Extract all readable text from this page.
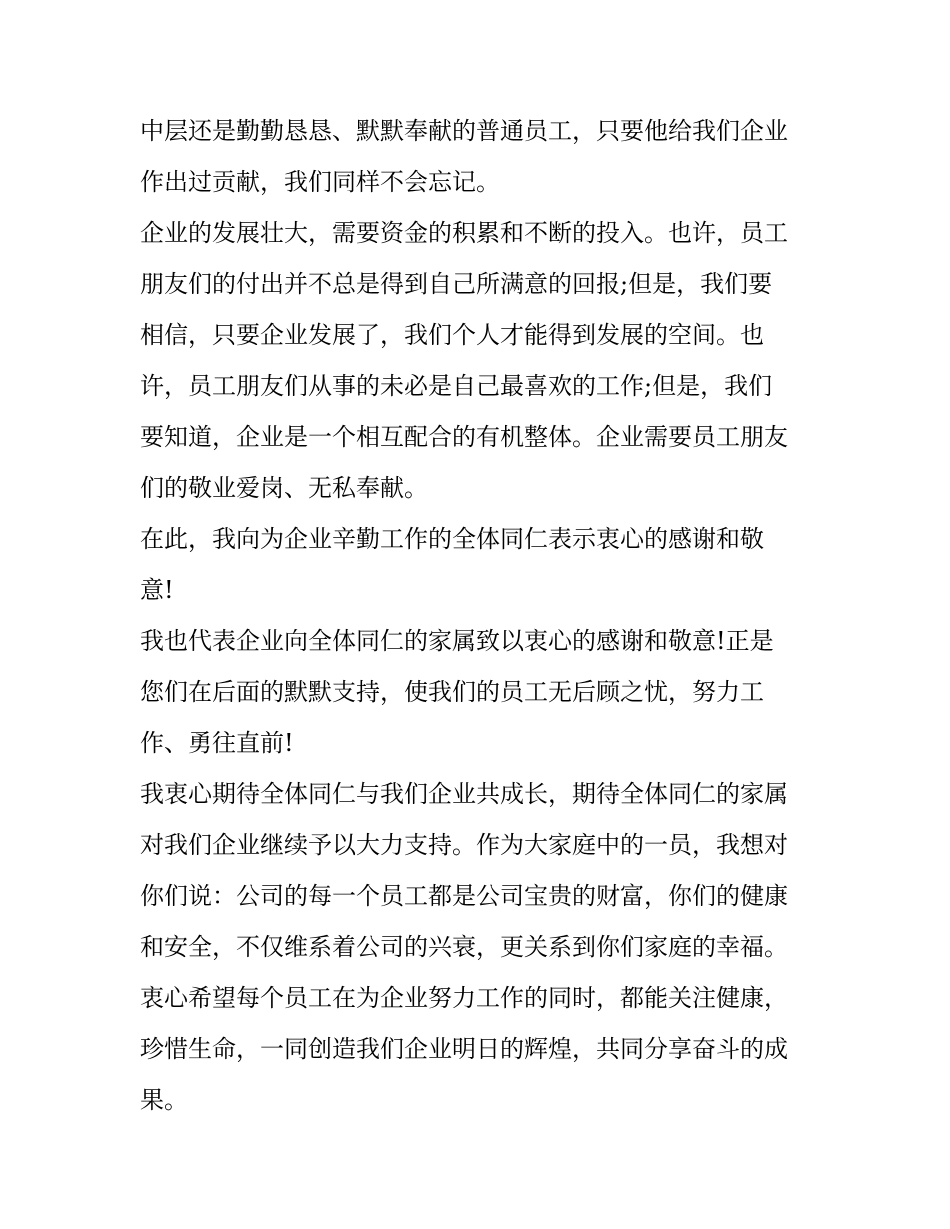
中层还是勤勤恳恳、默默奉献的普通员工，只要他给我们企业
作出过贡献，我们同样不会忘记。
企业的发展壮大，需要资金的积累和不断的投入。也许，员工
朋友们的付出并不总是得到自己所满意的回报;但是，我们要
相信，只要企业发展了，我们个人才能得到发展的空间。也
许，员工朋友们从事的未必是自己最喜欢的工作;但是，我们
要知道，企业是一个相互配合的有机整体。企业需要员工朋友
们的敬业爱岗、无私奉献。
在此，我向为企业辛勤工作的全体同仁表示衷心的感谢和敬
意!
我也代表企业向全体同仁的家属致以衷心的感谢和敬意!正是
您们在后面的默默支持，使我们的员工无后顾之忧，努力工
作、勇往直前!
我衷心期待全体同仁与我们企业共成长，期待全体同仁的家属
对我们企业继续予以大力支持。作为大家庭中的一员，我想对
你们说：公司的每一个员工都是公司宝贵的财富，你们的健康
和安全，不仅维系着公司的兴衰，更关系到你们家庭的幸福。
衷心希望每个员工在为企业努力工作的同时，都能关注健康，
珍惜生命，一同创造我们企业明日的辉煌，共同分享奋斗的成
果。
